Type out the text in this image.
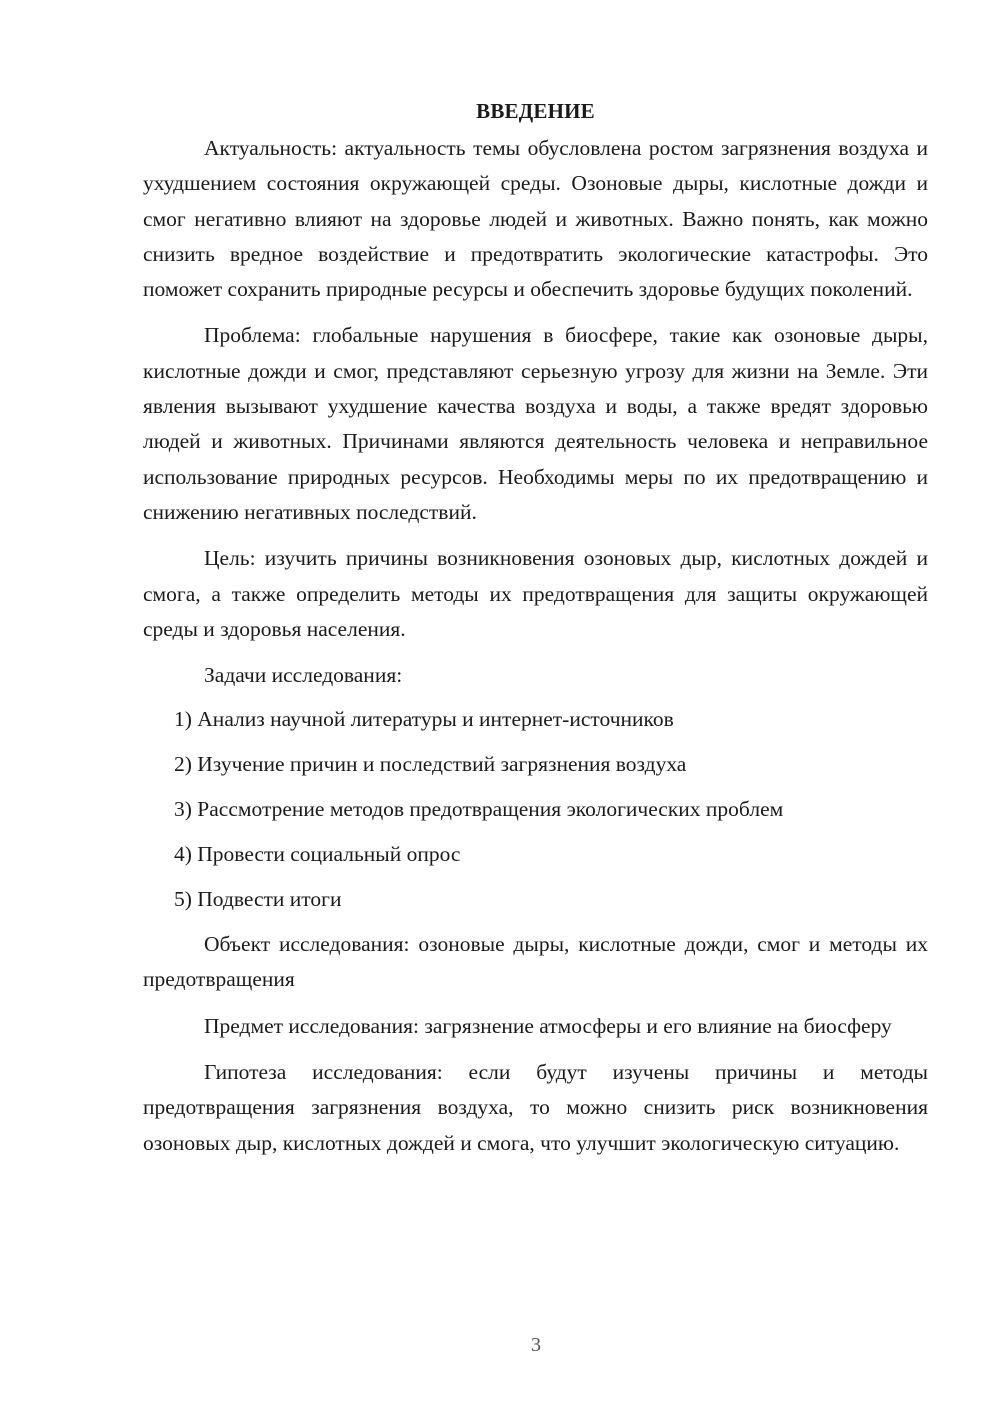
ВВЕДЕНИЕ

Актуальность: актуальность темы обусловлена ростом загрязнения воздуха и ухудшением состояния окружающей среды. Озоновые дыры, кислотные дожди и смог негативно влияют на здоровье людей и животных. Важно понять, как можно снизить вредное воздействие и предотвратить экологические катастрофы. Это поможет сохранить природные ресурсы и обеспечить здоровье будущих поколений.

Проблема: глобальные нарушения в биосфере, такие как озоновые дыры, кислотные дожди и смог, представляют серьезную угрозу для жизни на Земле. Эти явления вызывают ухудшение качества воздуха и воды, а также вредят здоровью людей и животных. Причинами являются деятельность человека и неправильное использование природных ресурсов. Необходимы меры по их предотвращению и снижению негативных последствий.

Цель: изучить причины возникновения озоновых дыр, кислотных дождей и смога, а также определить методы их предотвращения для защиты окружающей среды и здоровья населения.

Задачи исследования:
1) Анализ научной литературы и интернет-источников
2) Изучение причин и последствий загрязнения воздуха
3) Рассмотрение методов предотвращения экологических проблем
4) Провести социальный опрос
5) Подвести итоги

Объект исследования: озоновые дыры, кислотные дожди, смог и методы их предотвращения

Предмет исследования: загрязнение атмосферы и его влияние на биосферу

Гипотеза исследования: если будут изучены причины и методы предотвращения загрязнения воздуха, то можно снизить риск возникновения озоновых дыр, кислотных дождей и смога, что улучшит экологическую ситуацию.

3
